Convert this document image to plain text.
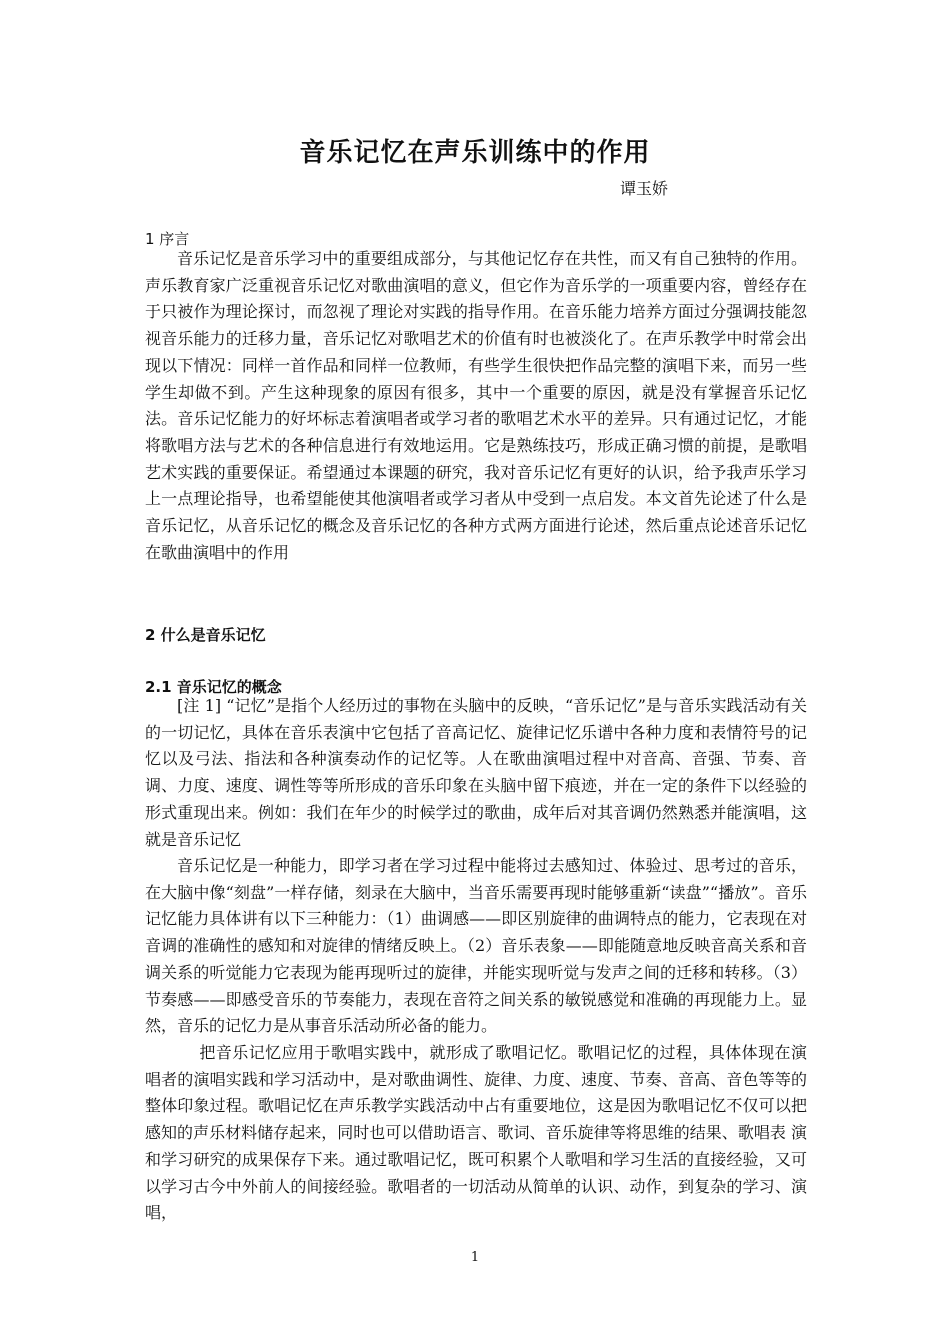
音乐记忆在声乐训练中的作用

谭玉娇

1 序言

音乐记忆是音乐学习中的重要组成部分，与其他记忆存在共性，而又有自己独特的作用。声乐教育家广泛重视音乐记忆对歌曲演唱的意义，但它作为音乐学的一项重要内容，曾经存在于只被作为理论探讨，而忽视了理论对实践的指导作用。在音乐能力培养方面过分强调技能忽视音乐能力的迁移力量，音乐记忆对歌唱艺术的价值有时也被淡化了。在声乐教学中时常会出现以下情况：同样一首作品和同样一位教师，有些学生很快把作品完整的演唱下来，而另一些学生却做不到。产生这种现象的原因有很多，其中一个重要的原因，就是没有掌握音乐记忆法。音乐记忆能力的好坏标志着演唱者或学习者的歌唱艺术水平的差异。只有通过记忆，才能将歌唱方法与艺术的各种信息进行有效地运用。它是熟练技巧，形成正确习惯的前提，是歌唱艺术实践的重要保证。希望通过本课题的研究，我对音乐记忆有更好的认识，给予我声乐学习上一点理论指导，也希望能使其他演唱者或学习者从中受到一点启发。本文首先论述了什么是音乐记忆，从音乐记忆的概念及音乐记忆的各种方式两方面进行论述，然后重点论述音乐记忆在歌曲演唱中的作用

2 什么是音乐记忆

2.1 音乐记忆的概念

[注 1] “记忆”是指个人经历过的事物在头脑中的反映，“音乐记忆”是与音乐实践活动有关的一切记忆，具体在音乐表演中它包括了音高记忆、旋律记忆乐谱中各种力度和表情符号的记忆以及弓法、指法和各种演奏动作的记忆等。人在歌曲演唱过程中对音高、音强、节奏、音调、力度、速度、调性等等所形成的音乐印象在头脑中留下痕迹，并在一定的条件下以经验的形式重现出来。例如：我们在年少的时候学过的歌曲，成年后对其音调仍然熟悉并能演唱，这就是音乐记忆

音乐记忆是一种能力，即学习者在学习过程中能将过去感知过、体验过、思考过的音乐，在大脑中像“刻盘”一样存储，刻录在大脑中，当音乐需要再现时能够重新“读盘”“播放”。音乐记忆能力具体讲有以下三种能力：（1）曲调感——即区别旋律的曲调特点的能力，它表现在对音调的准确性的感知和对旋律的情绪反映上。（2）音乐表象——即能随意地反映音高关系和音调关系的听觉能力它表现为能再现听过的旋律，并能实现听觉与发声之间的迁移和转移。（3）节奏感——即感受音乐的节奏能力，表现在音符之间关系的敏锐感觉和准确的再现能力上。显然，音乐的记忆力是从事音乐活动所必备的能力。

把音乐记忆应用于歌唱实践中，就形成了歌唱记忆。歌唱记忆的过程，具体体现在演唱者的演唱实践和学习活动中，是对歌曲调性、旋律、力度、速度、节奏、音高、音色等等的整体印象过程。歌唱记忆在声乐教学实践活动中占有重要地位，这是因为歌唱记忆不仅可以把感知的声乐材料储存起来，同时也可以借助语言、歌词、音乐旋律等将思维的结果、歌唱表 演和学习研究的成果保存下来。通过歌唱记忆，既可积累个人歌唱和学习生活的直接经验，又可以学习古今中外前人的间接经验。歌唱者的一切活动从简单的认识、动作，到复杂的学习、演唱，

1
